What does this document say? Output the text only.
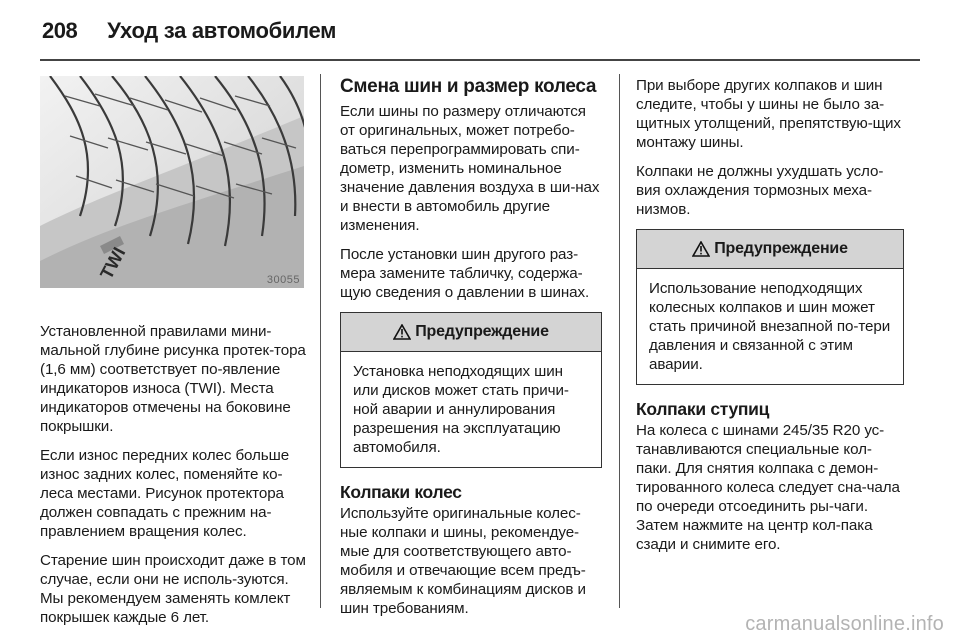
208 Уход за автомобилем
TWI	30055

Установленной правилами мини-мальной глубине рисунка протек-тора (1,6 мм) соответствует по-явление индикаторов износа (TWI). Места индикаторов отмечены на боковине покрышки.

Если износ передних колес больше износ задних колес, поменяйте ко-леса местами. Рисунок протектора должен совпадать с прежним на-правлением вращения колес.

Старение шин происходит даже в том случае, если они не исполь-зуются. Мы рекомендуем заменять комлект покрышек каждые 6 лет.

Смена шин и размер колеса

Если шины по размеру отличаются от оригинальных, может потребо-ваться перепрограммировать спи-дометр, изменить номинальное значение давления воздуха в ши-нах и внести в автомобиль другие изменения.

После установки шин другого раз-мера замените табличку, содержа-щую сведения о давлении в шинах.

Предупреждение

Установка неподходящих шин или дисков может стать причи-ной аварии и аннулирования разрешения на эксплуатацию автомобиля.

Колпаки колес

Используйте оригинальные колес-ные колпаки и шины, рекомендуе-мые для соответствующего авто-мобиля и отвечающие всем предъ-являемым к комбинациям дисков и шин требованиям.

При выборе других колпаков и шин следите, чтобы у шины не было за-щитных утолщений, препятствую-щих монтажу шины.

Колпаки не должны ухудшать усло-вия охлаждения тормозных меха-низмов.

Предупреждение

Использование неподходящих колесных колпаков и шин может стать причиной внезапной по-тери давления и связанной с этим аварии.

Колпаки ступиц

На колеса с шинами 245/35 R20 ус-танавливаются специальные кол-паки. Для снятия колпака с демон-тированного колеса следует сна-чала по очереди отсоединить ры-чаги. Затем нажмите на центр кол-пака сзади и снимите его.

carmanualsonline.info
